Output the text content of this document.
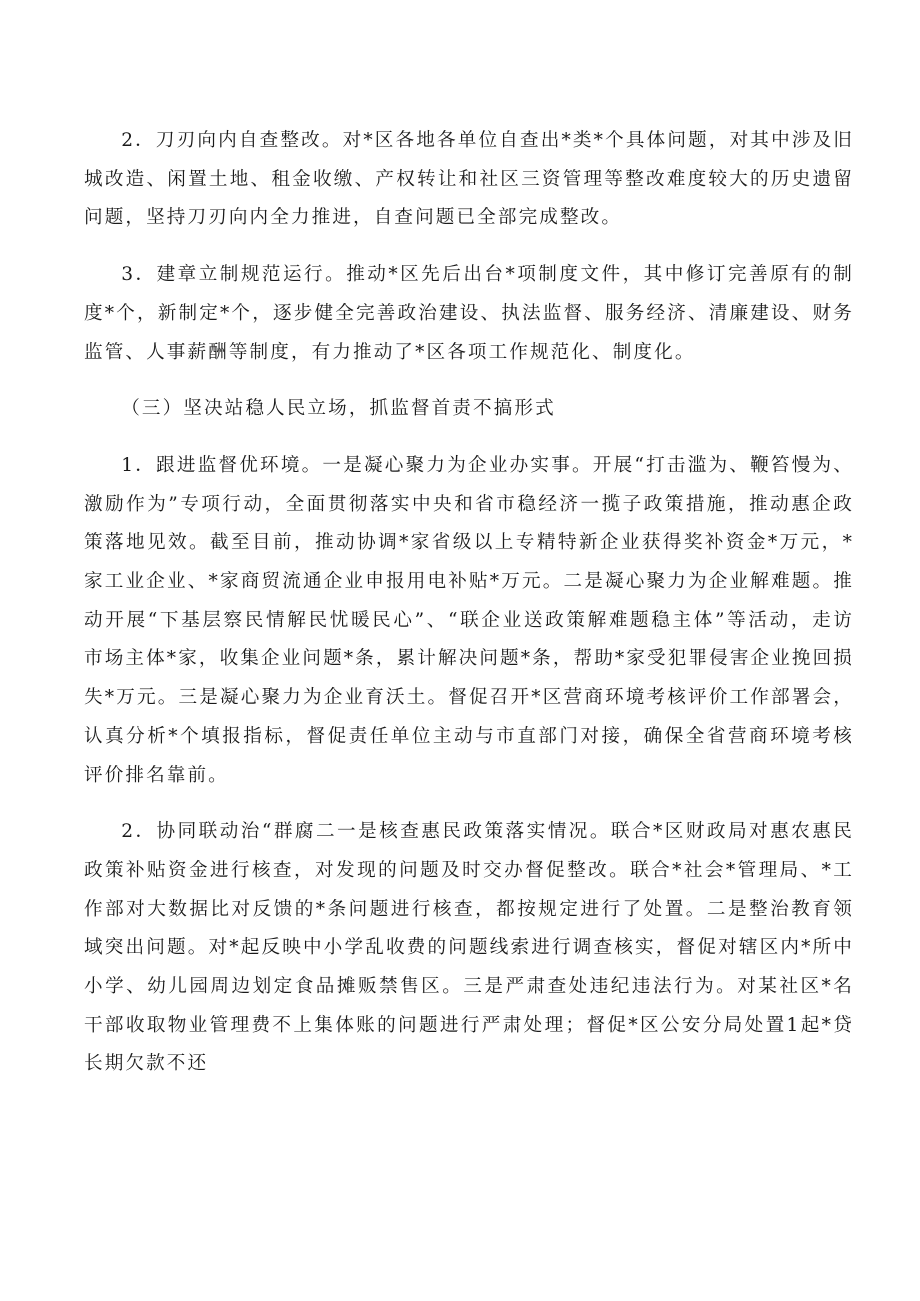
2．刀刃向内自查整改。对*区各地各单位自查出*类*个具体问题，对其中涉及旧城改造、闲置土地、租金收缴、产权转让和社区三资管理等整改难度较大的历史遗留问题，坚持刀刃向内全力推进，自查问题已全部完成整改。

3．建章立制规范运行。推动*区先后出台*项制度文件，其中修订完善原有的制度*个，新制定*个，逐步健全完善政治建设、执法监督、服务经济、清廉建设、财务监管、人事薪酬等制度，有力推动了*区各项工作规范化、制度化。

（三）坚决站稳人民立场，抓监督首责不搞形式

1．跟进监督优环境。一是凝心聚力为企业办实事。开展“打击滥为、鞭笞慢为、激励作为”专项行动，全面贯彻落实中央和省市稳经济一揽子政策措施，推动惠企政策落地见效。截至目前，推动协调*家省级以上专精特新企业获得奖补资金*万元，*家工业企业、*家商贸流通企业申报用电补贴*万元。二是凝心聚力为企业解难题。推动开展“下基层察民情解民忧暖民心”、“联企业送政策解难题稳主体”等活动，走访市场主体*家，收集企业问题*条，累计解决问题*条，帮助*家受犯罪侵害企业挽回损失*万元。三是凝心聚力为企业育沃土。督促召开*区营商环境考核评价工作部署会，认真分析*个填报指标，督促责任单位主动与市直部门对接，确保全省营商环境考核评价排名靠前。

2．协同联动治“群腐二一是核查惠民政策落实情况。联合*区财政局对惠农惠民政策补贴资金进行核查，对发现的问题及时交办督促整改。联合*社会*管理局、*工作部对大数据比对反馈的*条问题进行核查，都按规定进行了处置。二是整治教育领域突出问题。对*起反映中小学乱收费的问题线索进行调查核实，督促对辖区内*所中小学、幼儿园周边划定食品摊贩禁售区。三是严肃查处违纪违法行为。对某社区*名干部收取物业管理费不上集体账的问题进行严肃处理；督促*区公安分局处置1起*贷长期欠款不还
